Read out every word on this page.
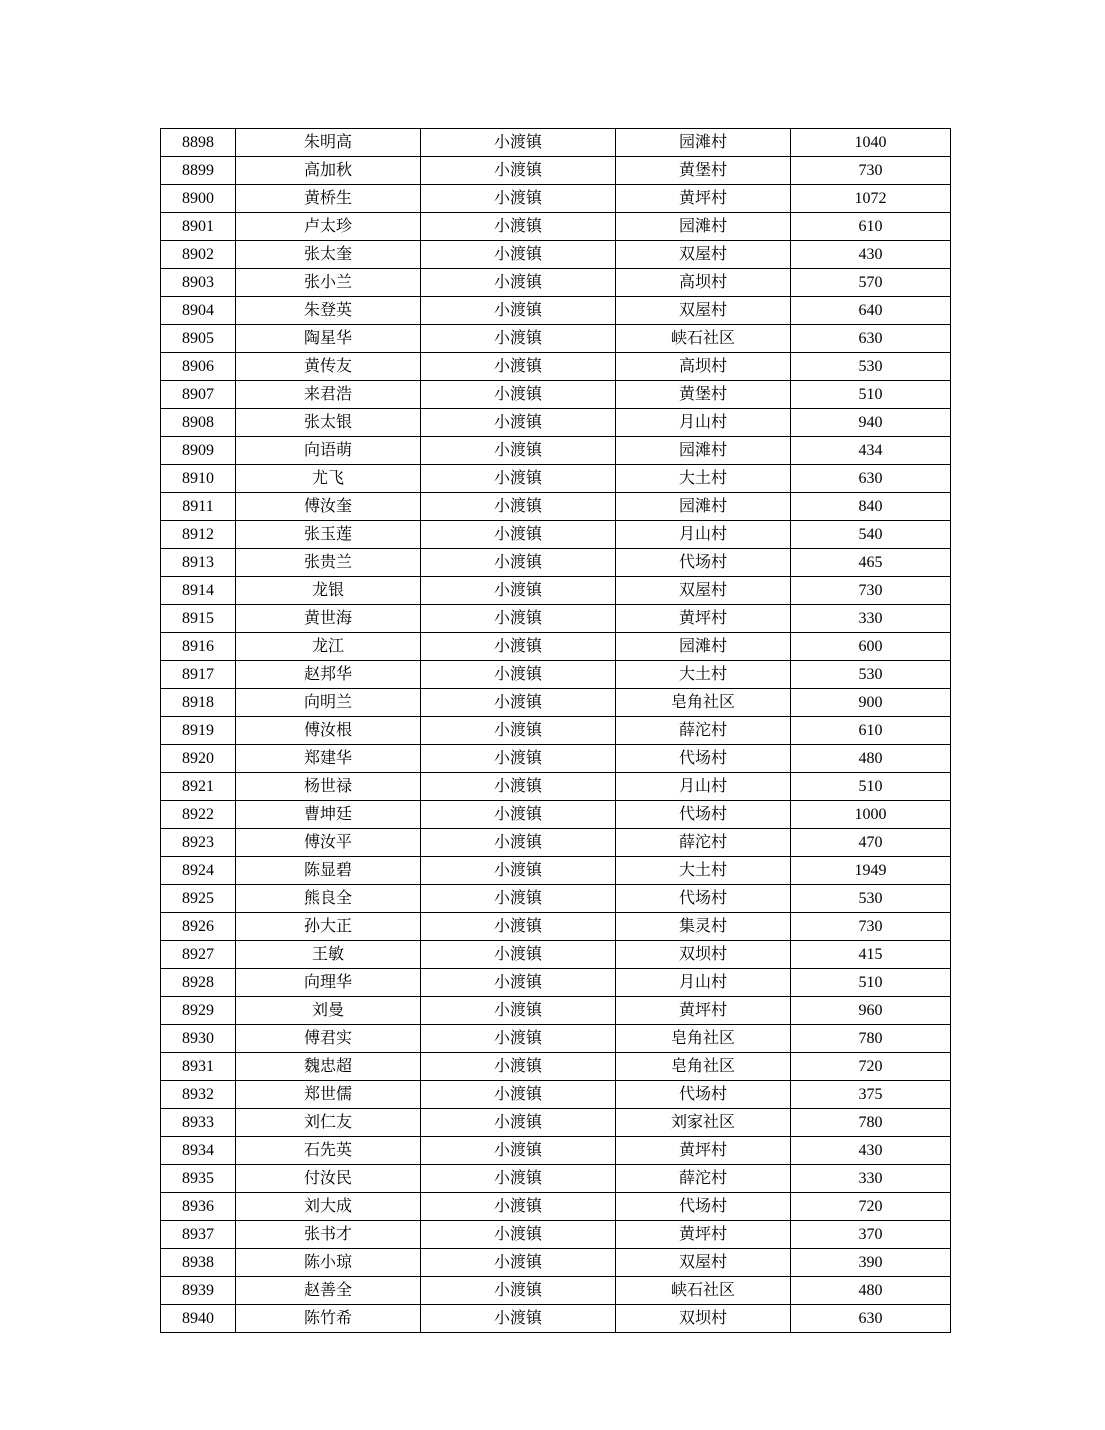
8898	朱明高	小渡镇	园滩村	1040
8899	高加秋	小渡镇	黄堡村	730
8900	黄桥生	小渡镇	黄坪村	1072
8901	卢太珍	小渡镇	园滩村	610
8902	张太奎	小渡镇	双屋村	430
8903	张小兰	小渡镇	高坝村	570
8904	朱登英	小渡镇	双屋村	640
8905	陶星华	小渡镇	峡石社区	630
8906	黄传友	小渡镇	高坝村	530
8907	来君浩	小渡镇	黄堡村	510
8908	张太银	小渡镇	月山村	940
8909	向语萌	小渡镇	园滩村	434
8910	尤飞	小渡镇	大土村	630
8911	傅汝奎	小渡镇	园滩村	840
8912	张玉莲	小渡镇	月山村	540
8913	张贵兰	小渡镇	代场村	465
8914	龙银	小渡镇	双屋村	730
8915	黄世海	小渡镇	黄坪村	330
8916	龙江	小渡镇	园滩村	600
8917	赵邦华	小渡镇	大土村	530
8918	向明兰	小渡镇	皂角社区	900
8919	傅汝根	小渡镇	薛沱村	610
8920	郑建华	小渡镇	代场村	480
8921	杨世禄	小渡镇	月山村	510
8922	曹坤廷	小渡镇	代场村	1000
8923	傅汝平	小渡镇	薛沱村	470
8924	陈显碧	小渡镇	大土村	1949
8925	熊良全	小渡镇	代场村	530
8926	孙大正	小渡镇	集灵村	730
8927	王敏	小渡镇	双坝村	415
8928	向理华	小渡镇	月山村	510
8929	刘曼	小渡镇	黄坪村	960
8930	傅君实	小渡镇	皂角社区	780
8931	魏忠超	小渡镇	皂角社区	720
8932	郑世儒	小渡镇	代场村	375
8933	刘仁友	小渡镇	刘家社区	780
8934	石先英	小渡镇	黄坪村	430
8935	付汝民	小渡镇	薛沱村	330
8936	刘大成	小渡镇	代场村	720
8937	张书才	小渡镇	黄坪村	370
8938	陈小琼	小渡镇	双屋村	390
8939	赵善全	小渡镇	峡石社区	480
8940	陈竹希	小渡镇	双坝村	630
